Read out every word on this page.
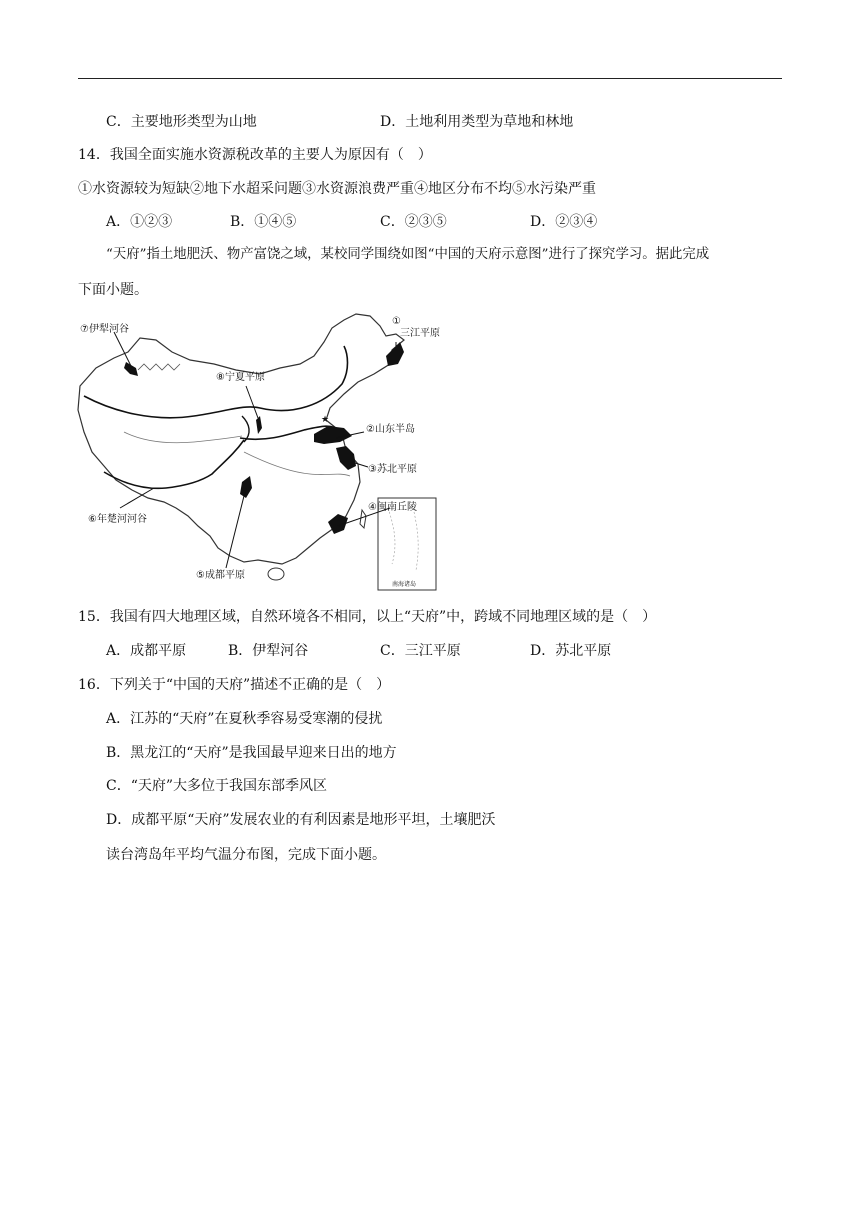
C．主要地形类型为山地	D．土地利用类型为草地和林地
14．我国全面实施水资源税改革的主要人为原因有（　）
①水资源较为短缺②地下水超采问题③水资源浪费严重④地区分布不均⑤水污染严重
A．①②③	B．①④⑤	C．②③⑤	D．②③④
“天府”指土地肥沃、物产富饶之域，某校同学围绕如图“中国的天府示意图”进行了探究学习。据此完成
下面小题。
★
⑦伊犁河谷
⑧宁夏平原
①
三江平原
②山东半岛
③苏北平原
④闽南丘陵
⑥年楚河河谷
⑤成都平原
南海诸岛
15．我国有四大地理区域，自然环境各不相同，以上“天府”中，跨域不同地理区域的是（　）
A．成都平原	B．伊犁河谷	C．三江平原	D．苏北平原
16．下列关于“中国的天府”描述不正确的是（　）
A．江苏的“天府”在夏秋季容易受寒潮的侵扰
B．黑龙江的“天府”是我国最早迎来日出的地方
C．“天府”大多位于我国东部季风区
D．成都平原“天府”发展农业的有利因素是地形平坦，土壤肥沃
读台湾岛年平均气温分布图，完成下面小题。
